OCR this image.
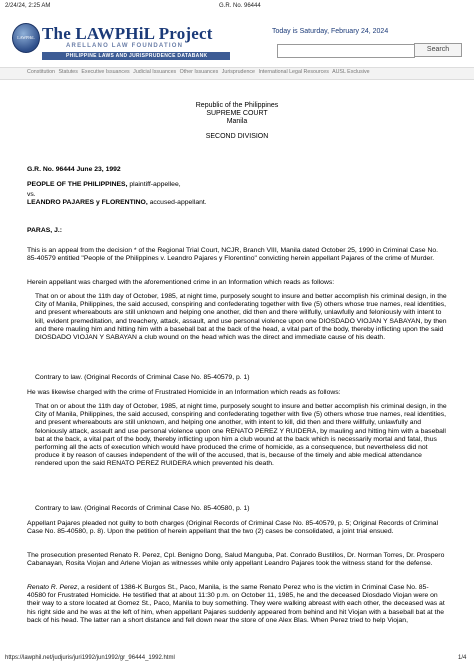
2/24/24, 2:25 AM	G.R. No. 96444
LAWPHiL The LAWPHiL Project
ARELLANO LAW FOUNDATION
PHILIPPINE LAWS AND JURISPRUDENCE DATABANK
Today is Saturday, February 24, 2024
Search
Constitution Statutes Executive Issuances Judicial Issuances Other Issuances Jurisprudence International Legal Resources AUSL Exclusive
Republic of the Philippines
SUPREME COURT
Manila
SECOND DIVISION
G.R. No. 96444 June 23, 1992
PEOPLE OF THE PHILIPPINES, plaintiff-appellee,
vs.
LEANDRO PAJARES y FLORENTINO, accused-appellant.
PARAS, J.:
This is an appeal from the decision * of the Regional Trial Court, NCJR, Branch VIII, Manila dated October 25, 1990 in Criminal Case No. 85-40579 entitled "People of the Philippines v. Leandro Pajares y Florentino" convicting herein appellant Pajares of the crime of Murder.
Herein appellant was charged with the aforementioned crime in an Information which reads as follows:
That on or about the 11th day of October, 1985, at night time, purposely sought to insure and better accomplish his criminal design, in the City of Manila, Philippines, the said accused, conspiring and confederating together with five (5) others whose true names, real identities, and present whereabouts are still unknown and helping one another, did then and there willfully, unlawfully and feloniously with intent to kill, evident premeditation, and treachery, attack, assault, and use personal violence upon one DIOSDADO VIOJAN Y SABAYAN, by then and there mauling him and hitting him with a baseball bat at the back of the head, a vital part of the body, thereby inflicting upon the said DIOSDADO VIOJAN Y SABAYAN a club wound on the head which was the direct and immediate cause of his death.
Contrary to law. (Original Records of Criminal Case No. 85-40579, p. 1)
He was likewise charged with the crime of Frustrated Homicide in an Information which reads as follows:
That on or about the 11th day of October, 1985, at night time, purposely sought to insure and better accomplish his criminal design, in the City of Manila, Philippines, the said accused, conspiring and confederating together with five (5) others whose true names, real identities, and present whereabouts are still unknown, and helping one another, with intent to kill, did then and there willfully, unlawfully and feloniously attack, assault and use personal violence upon one RENATO PEREZ Y RUIDERA, by mauling and hitting him with a baseball bat at the back, a vital part of the body, thereby inflicting upon him a club wound at the back which is necessarily mortal and fatal, thus performing all the acts of execution which would have produced the crime of homicide, as a consequence, but nevertheless did not produce it by reason of causes independent of the will of the accused, that is, because of the timely and able medical attendance rendered upon the said RENATO PEREZ RUIDERA which prevented his death.
Contrary to law. (Original Records of Criminal Case No. 85-40580, p. 1)
Appellant Pajares pleaded not guilty to both charges (Original Records of Criminal Case No. 85-40579, p. 5; Original Records of Criminal Case No. 85-40580, p. 8). Upon the petition of herein appellant that the two (2) cases be consolidated, a joint trial ensued.
The prosecution presented Renato R. Perez, Cpl. Benigno Dong, Salud Manguba, Pat. Conrado Bustillos, Dr. Norman Torres, Dr. Prospero Cabanayan, Rosita Viojan and Arlene Viojan as witnesses while only appellant Leandro Pajares took the witness stand for the defense.
Renato R. Perez, a resident of 1386-K Burgos St., Paco, Manila, is the same Renato Perez who is the victim in Criminal Case No. 85-40580 for Frustrated Homicide. He testified that at about 11:30 p.m. on October 11, 1985, he and the deceased Diosdado Viojan were on their way to a store located at Gomez St., Paco, Manila to buy something. They were walking abreast with each other, the deceased was at his right side and he was at the left of him, when appellant Pajares suddenly appeared from behind and hit Viojan with a baseball bat at the back of his head. The latter ran a short distance and fell down near the store of one Alex Blas. When Perez tried to help Viojan,
https://lawphil.net/judjuris/juri1992/jun1992/gr_96444_1992.html	1/4
